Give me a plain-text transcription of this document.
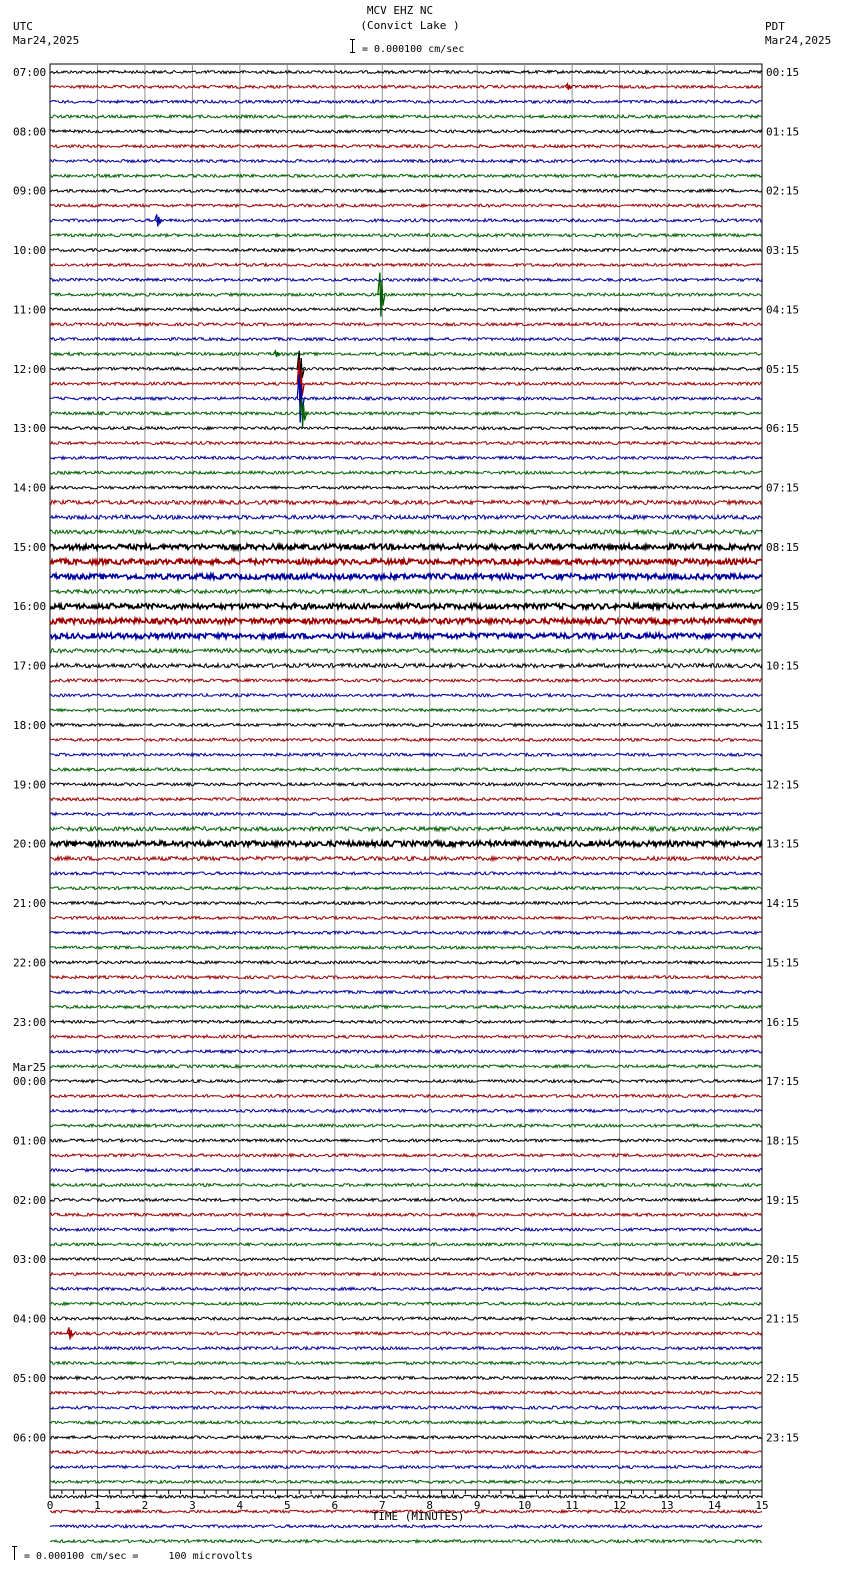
MCV EHZ NC
(Convict Lake )
= 0.000100 cm/sec
UTC
Mar24,2025
PDT
Mar24,2025
07:00
08:00
09:00
10:00
11:00
12:00
13:00
14:00
15:00
16:00
17:00
18:00
19:00
20:00
21:00
22:00
23:00
00:00
Mar25
01:00
02:00
03:00
04:00
05:00
06:00
00:15
01:15
02:15
03:15
04:15
05:15
06:15
07:15
08:15
09:15
10:15
11:15
12:15
13:15
14:15
15:15
16:15
17:15
18:15
19:15
20:15
21:15
22:15
23:15
0	1	2	3	4	5	6	7	8	9	10	11	12	13	14	15
TIME (MINUTES)
= 0.000100 cm/sec =     100 microvolts
